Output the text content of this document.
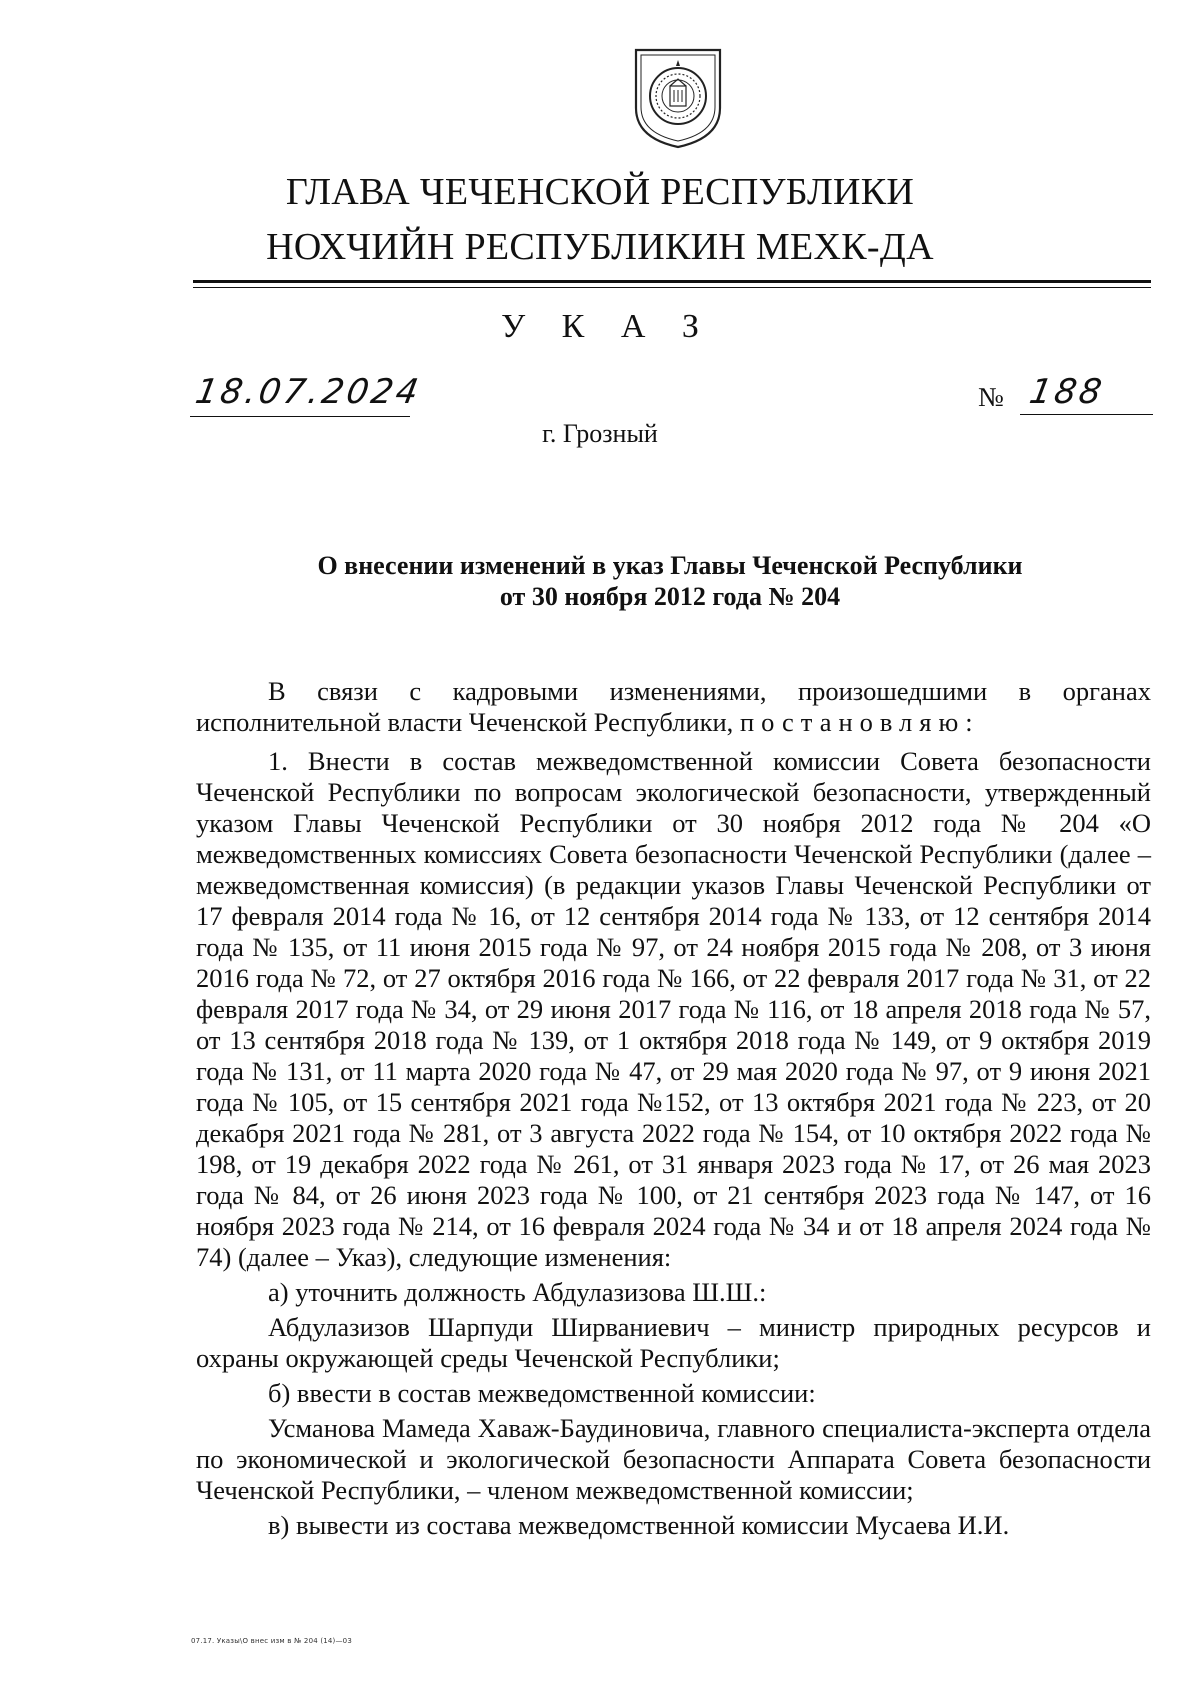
ГЛАВА ЧЕЧЕНСКОЙ РЕСПУБЛИКИ
НОХЧИЙН РЕСПУБЛИКИН МЕХК-ДА
У К А З
18.07.2024	№ 188
г. Грозный
О внесении изменений в указ Главы Чеченской Республики
от 30 ноября 2012 года № 204

В связи с кадровыми изменениями, произошедшими в органах исполнительной власти Чеченской Республики, постановляю:

1. Внести в состав межведомственной комиссии Совета безопасности Чеченской Республики по вопросам экологической безопасности, утвержденный указом Главы Чеченской Республики от 30 ноября 2012 года № 204 «О межведомственных комиссиях Совета безопасности Чеченской Республики (далее – межведомственная комиссия) (в редакции указов Главы Чеченской Республики от 17 февраля 2014 года № 16, от 12 сентября 2014 года № 133, от 12 сентября 2014 года № 135, от 11 июня 2015 года № 97, от 24 ноября 2015 года № 208, от 3 июня 2016 года № 72, от 27 октября 2016 года № 166, от 22 февраля 2017 года № 31, от 22 февраля 2017 года № 34, от 29 июня 2017 года № 116, от 18 апреля 2018 года № 57, от 13 сентября 2018 года № 139, от 1 октября 2018 года № 149, от 9 октября 2019 года № 131, от 11 марта 2020 года № 47, от 29 мая 2020 года № 97, от 9 июня 2021 года № 105, от 15 сентября 2021 года №152, от 13 октября 2021 года № 223, от 20 декабря 2021 года № 281, от 3 августа 2022 года № 154, от 10 октября 2022 года № 198, от 19 декабря 2022 года № 261, от 31 января 2023 года № 17, от 26 мая 2023 года № 84, от 26 июня 2023 года № 100, от 21 сентября 2023 года № 147, от 16 ноября 2023 года № 214, от 16 февраля 2024 года № 34 и от 18 апреля 2024 года № 74) (далее – Указ), следующие изменения:

а) уточнить должность Абдулазизова Ш.Ш.:

Абдулазизов Шарпуди Ширваниевич – министр природных ресурсов и охраны окружающей среды Чеченской Республики;

б) ввести в состав межведомственной комиссии:

Усманова Мамеда Хаваж-Баудиновича, главного специалиста-эксперта отдела по экономической и экологической безопасности Аппарата Совета безопасности Чеченской Республики, – членом межведомственной комиссии;

в) вывести из состава межведомственной комиссии Мусаева И.И.

07.17. Указы\О внес изм в № 204 (14)—03
